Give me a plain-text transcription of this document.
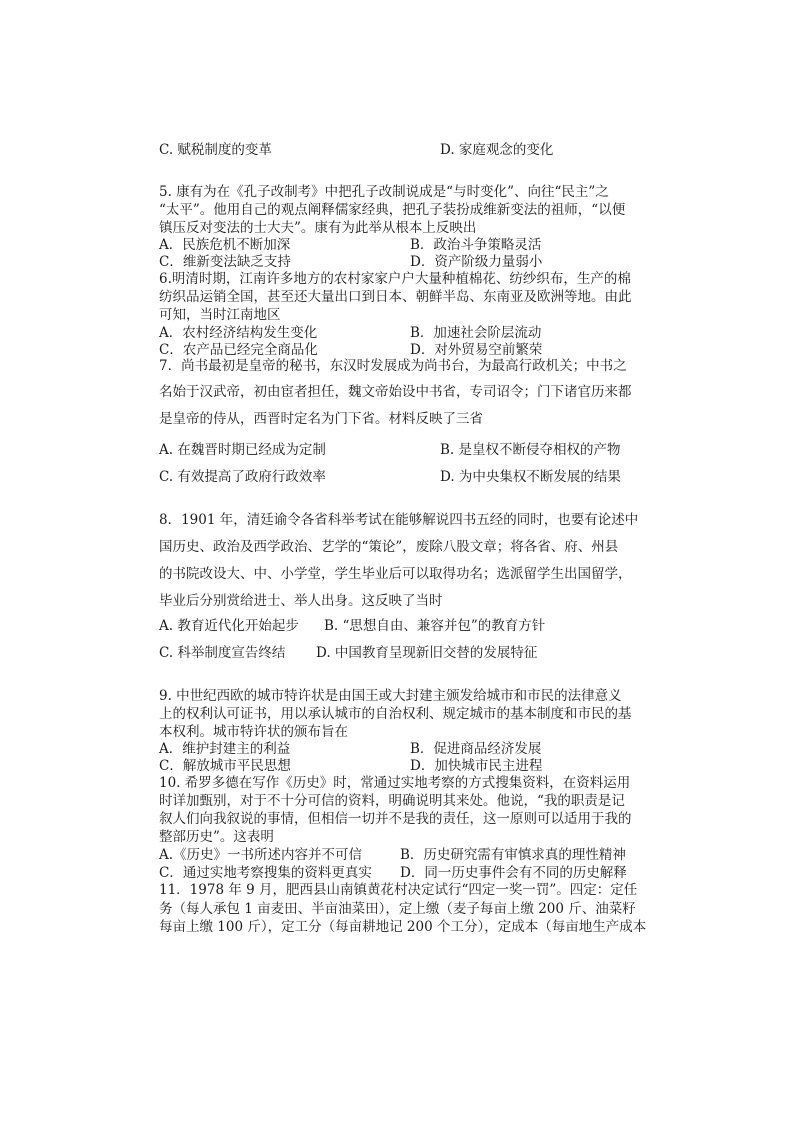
C. 赋税制度的变革	D. 家庭观念的变化
5. 康有为在《孔子改制考》中把孔子改制说成是“与时变化”、向往“民主”之
“太平”。他用自己的观点阐释儒家经典，把孔子装扮成维新变法的祖师，“以便
镇压反对变法的士大夫”。康有为此举从根本上反映出
A．民族危机不断加深	B．政治斗争策略灵活
C．维新变法缺乏支持	D．资产阶级力量弱小
6.明清时期，江南许多地方的农村家家户户大量种植棉花、纺纱织布，生产的棉
纺织品运销全国，甚至还大量出口到日本、朝鲜半岛、东南亚及欧洲等地。由此
可知，当时江南地区
A．农村经济结构发生变化	B．加速社会阶层流动
C．农产品已经完全商品化	D．对外贸易空前繁荣
7．尚书最初是皇帝的秘书，东汉时发展成为尚书台，为最高行政机关；中书之
名始于汉武帝，初由宦者担任，魏文帝始设中书省，专司诏令；门下诸官历来都
是皇帝的侍从，西晋时定名为门下省。材料反映了三省
A. 在魏晋时期已经成为定制	B. 是皇权不断侵夺相权的产物
C. 有效提高了政府行政效率	D. 为中央集权不断发展的结果
8．1901 年，清廷谕令各省科举考试在能够解说四书五经的同时，也要有论述中
国历史、政治及西学政治、艺学的“策论”，废除八股文章；将各省、府、州县
的书院改设大、中、小学堂，学生毕业后可以取得功名；选派留学生出国留学，
毕业后分别赏给进士、举人出身。这反映了当时
A. 教育近代化开始起步 B. “思想自由、兼容并包”的教育方针
C. 科举制度宣告终结 D. 中国教育呈现新旧交替的发展特征
9. 中世纪西欧的城市特许状是由国王或大封建主颁发给城市和市民的法律意义
上的权利认可证书，用以承认城市的自治权利、规定城市的基本制度和市民的基
本权利。城市特许状的颁布旨在
A．维护封建主的利益	B．促进商品经济发展
C．解放城市平民思想	D．加快城市民主进程
10. 希罗多德在写作《历史》时，常通过实地考察的方式搜集资料，在资料运用
时详加甄别，对于不十分可信的资料，明确说明其来处。他说，“我的职责是记
叙人们向我叙说的事情，但相信一切并不是我的责任，这一原则可以适用于我的
整部历史”。这表明
A.《历史》一书所述内容并不可信	B．历史研究需有审慎求真的理性精神
C．通过实地考察搜集的资料更真实 D．同一历史事件会有不同的历史解释
11．1978 年 9 月，肥西县山南镇黄花村决定试行“四定一奖一罚”。四定：定任
务（每人承包 1 亩麦田、半亩油菜田），定上缴（麦子每亩上缴 200 斤、油菜籽
每亩上缴 100 斤），定工分（每亩耕地记 200 个工分），定成本（每亩地生产成本
